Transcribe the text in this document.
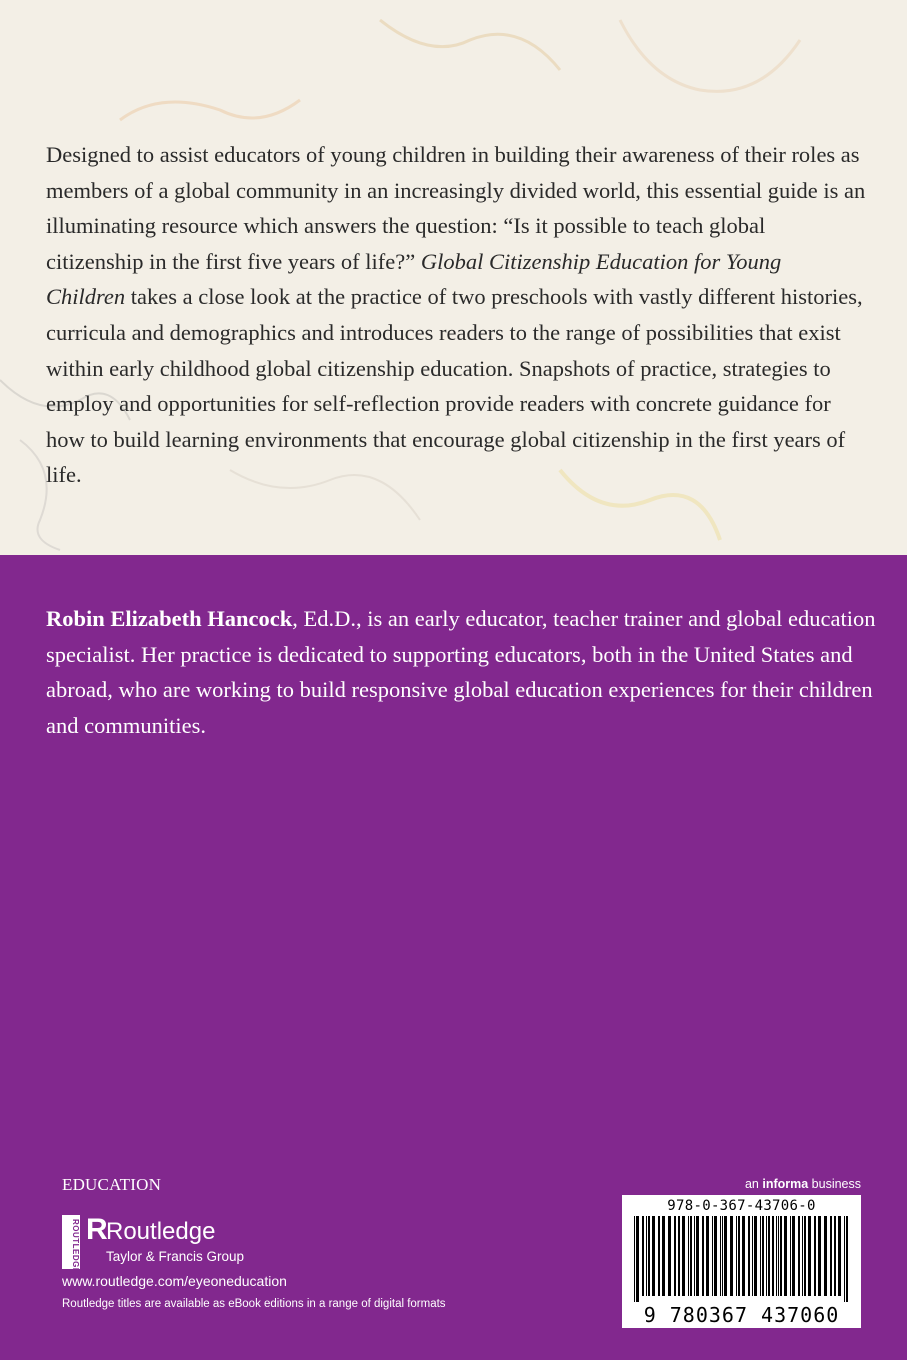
Designed to assist educators of young children in building their awareness of their roles as members of a global community in an increasingly divided world, this essential guide is an illuminating resource which answers the question: “Is it possible to teach global citizenship in the first five years of life?” Global Citizenship Education for Young Children takes a close look at the practice of two preschools with vastly different histories, curricula and demographics and introduces readers to the range of possibilities that exist within early childhood global citizenship education. Snapshots of practice, strategies to employ and opportunities for self-reflection provide readers with concrete guidance for how to build learning environments that encourage global citizenship in the first years of life.

Robin Elizabeth Hancock, Ed.D., is an early educator, teacher trainer and global education specialist. Her practice is dedicated to supporting educators, both in the United States and abroad, who are working to build responsive global education experiences for their children and communities.

EDUCATION
ROUTLEDGE R
Routledge
Taylor & Francis Group
www.routledge.com/eyeoneducation
Routledge titles are available as eBook editions in a range of digital formats
an informa business
978-0-367-43706-0
9 780367 437060
